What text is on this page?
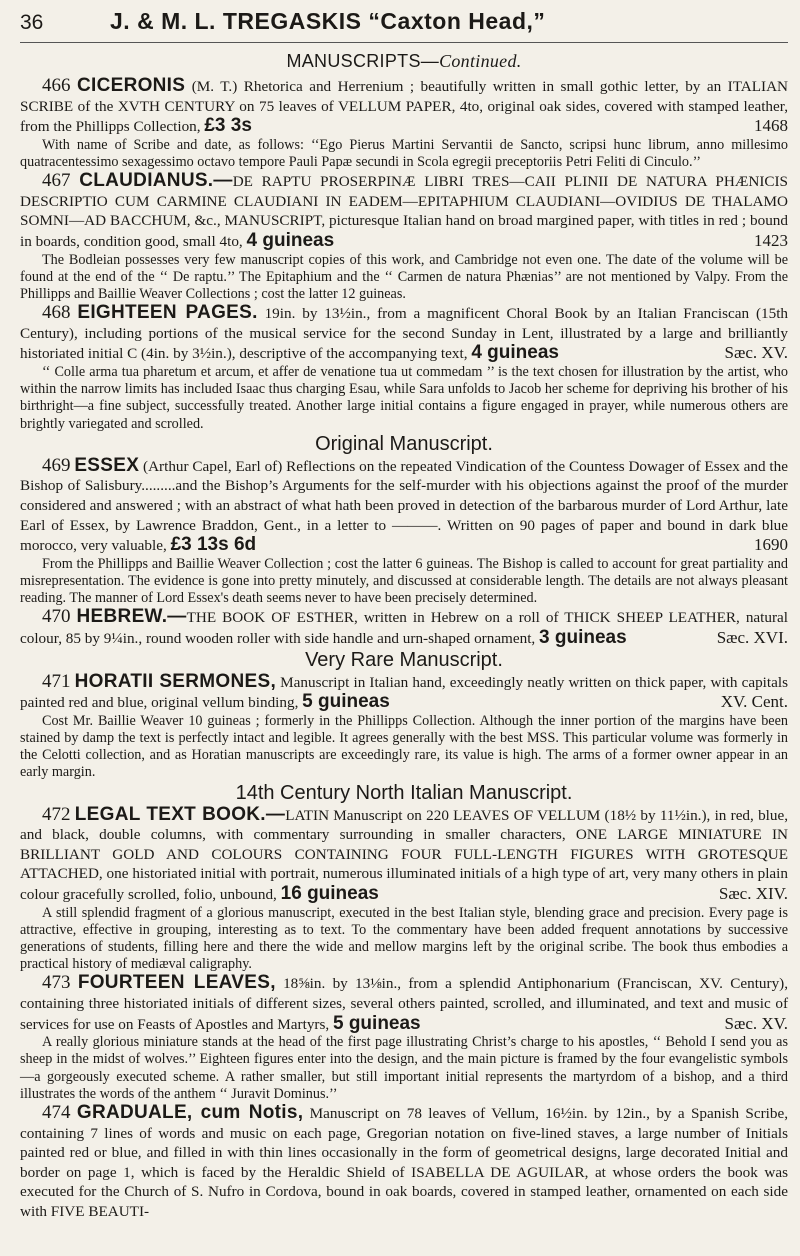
36	J. & M. L. TREGASKIS “Caxton Head,”
MANUSCRIPTS—Continued.

466 CICERONIS (M. T.) Rhetorica and Herrenium ; beautifully written in small gothic letter, by an ITALIAN SCRIBE of the XVTH CENTURY on 75 leaves of VELLUM PAPER, 4to, original oak sides, covered with stamped leather, from the Phillipps Collection, £3 3s	1468

With name of Scribe and date, as follows: ‘‘Ego Pierus Martini Servantii de Sancto, scripsi hunc librum, anno millesimo quatracentessimo sexagessimo octavo tempore Pauli Papæ secundi in Scola egregii preceptoriis Petri Feliti di Cinculo.’’

467 CLAUDIANUS.—DE RAPTU PROSERPINÆ LIBRI TRES—CAII PLINII DE NATURA PHÆNICIS DESCRIPTIO CUM CARMINE CLAUDIANI IN EADEM—EPITAPHIUM CLAUDIANI—OVIDIUS DE THALAMO SOMNI—AD BACCHUM, &c., MANUSCRIPT, picturesque Italian hand on broad margined paper, with titles in red ; bound in boards, condition good, small 4to, 4 guineas	1423

The Bodleian possesses very few manuscript copies of this work, and Cambridge not even one. The date of the volume will be found at the end of the ‘‘ De raptu.’’ The Epitaphium and the ‘‘ Carmen de natura Phænias’’ are not mentioned by Valpy. From the Phillipps and Baillie Weaver Collections ; cost the latter 12 guineas.

468 EIGHTEEN PAGES. 19in. by 13½in., from a magnificent Choral Book by an Italian Franciscan (15th Century), including portions of the musical service for the second Sunday in Lent, illustrated by a large and brilliantly historiated initial C (4in. by 3½in.), descriptive of the accompanying text, 4 guineas	Sæc. XV.

‘‘ Colle arma tua pharetum et arcum, et affer de venatione tua ut commedam ’’ is the text chosen for illustration by the artist, who within the narrow limits has included Isaac thus charging Esau, while Sara unfolds to Jacob her scheme for depriving his brother of his birthright—a fine subject, successfully treated. Another large initial contains a figure engaged in prayer, while numerous others are brightly variegated and scrolled.

Original Manuscript.

469 ESSEX (Arthur Capel, Earl of) Reflections on the repeated Vindication of the Countess Dowager of Essex and the Bishop of Salisbury.........and the Bishop’s Arguments for the self-murder with his objections against the proof of the murder considered and answered ; with an abstract of what hath been proved in detection of the barbarous murder of Lord Arthur, late Earl of Essex, by Lawrence Braddon, Gent., in a letter to ———. Written on 90 pages of paper and bound in dark blue morocco, very valuable, £3 13s 6d	1690

From the Phillipps and Baillie Weaver Collection ; cost the latter 6 guineas. The Bishop is called to account for great partiality and misrepresentation. The evidence is gone into pretty minutely, and discussed at considerable length. The details are not always pleasant reading. The manner of Lord Essex's death seems never to have been precisely determined.

470 HEBREW.—THE BOOK OF ESTHER, written in Hebrew on a roll of THICK SHEEP LEATHER, natural colour, 85 by 9¼in., round wooden roller with side handle and urn-shaped ornament, 3 guineas	Sæc. XVI.

Very Rare Manuscript.

471 HORATII SERMONES, Manuscript in Italian hand, exceedingly neatly written on thick paper, with capitals painted red and blue, original vellum binding, 5 guineas	XV. Cent.

Cost Mr. Baillie Weaver 10 guineas ; formerly in the Phillipps Collection. Although the inner portion of the margins have been stained by damp the text is perfectly intact and legible. It agrees generally with the best MSS. This particular volume was formerly in the Celotti collection, and as Horatian manuscripts are exceedingly rare, its value is high. The arms of a former owner appear in an early margin.

14th Century North Italian Manuscript.

472 LEGAL TEXT BOOK.—LATIN Manuscript on 220 LEAVES OF VELLUM (18½ by 11½in.), in red, blue, and black, double columns, with commentary surrounding in smaller characters, ONE LARGE MINIATURE IN BRILLIANT GOLD AND COLOURS CONTAINING FOUR FULL-LENGTH FIGURES WITH GROTESQUE ATTACHED, one historiated initial with portrait, numerous illuminated initials of a high type of art, very many others in plain colour gracefully scrolled, folio, unbound, 16 guineas	Sæc. XIV.

A still splendid fragment of a glorious manuscript, executed in the best Italian style, blending grace and precision. Every page is attractive, effective in grouping, interesting as to text. To the commentary have been added frequent annotations by successive generations of students, filling here and there the wide and mellow margins left by the original scribe. The book thus embodies a practical history of mediæval caligraphy.

473 FOURTEEN LEAVES, 18⅝in. by 13⅛in., from a splendid Antiphonarium (Franciscan, XV. Century), containing three historiated initials of different sizes, several others painted, scrolled, and illuminated, and text and music of services for use on Feasts of Apostles and Martyrs, 5 guineas	Sæc. XV.

A really glorious miniature stands at the head of the first page illustrating Christ’s charge to his apostles, ‘‘ Behold I send you as sheep in the midst of wolves.’’ Eighteen figures enter into the design, and the main picture is framed by the four evangelistic symbols—a gorgeously executed scheme. A rather smaller, but still important initial represents the martyrdom of a bishop, and a third illustrates the words of the anthem ‘‘ Juravit Dominus.’’

474 GRADUALE, cum Notis, Manuscript on 78 leaves of Vellum, 16½in. by 12in., by a Spanish Scribe, containing 7 lines of words and music on each page, Gregorian notation on five-lined staves, a large number of Initials painted red or blue, and filled in with thin lines occasionally in the form of geometrical designs, large decorated Initial and border on page 1, which is faced by the Heraldic Shield of ISABELLA DE AGUILAR, at whose orders the book was executed for the Church of S. Nufro in Cordova, bound in oak boards, covered in stamped leather, ornamented on each side with FIVE BEAUTI-
